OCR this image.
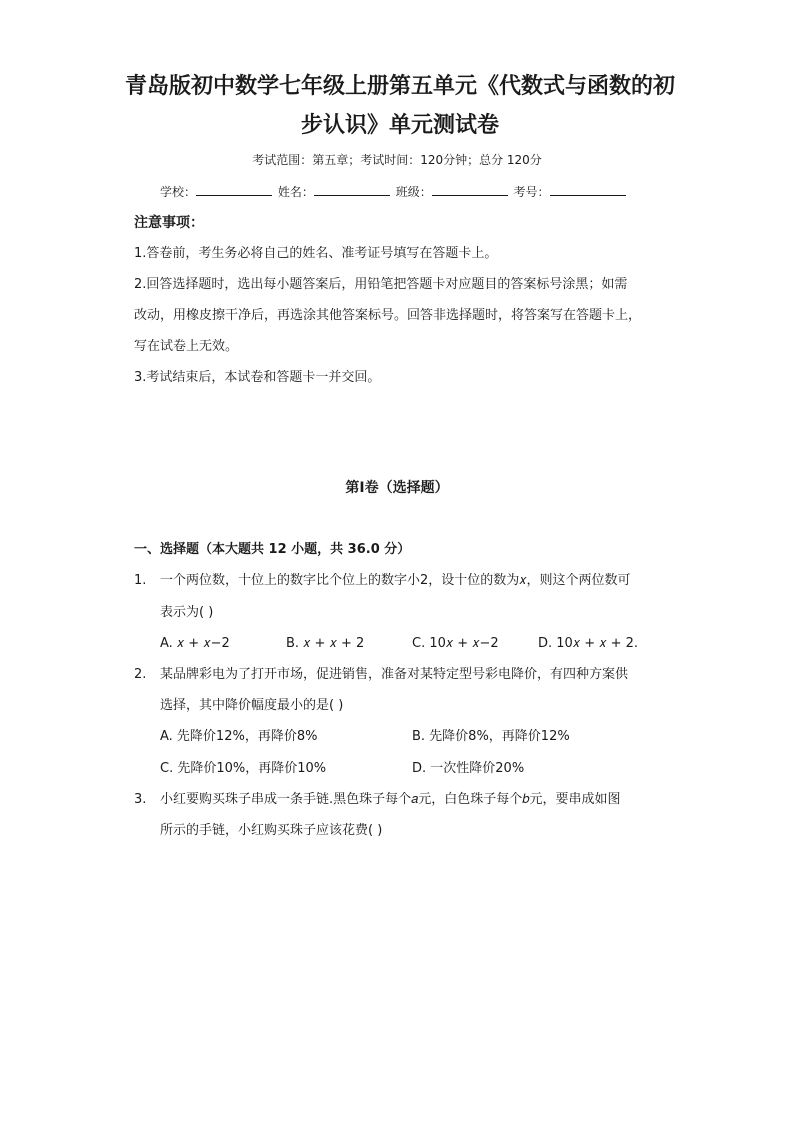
青岛版初中数学七年级上册第五单元《代数式与函数的初
步认识》单元测试卷
考试范围：第五章；考试时间：120分钟；总分 120分
学校：	姓名：	班级：	考号：
注意事项：
1.答卷前，考生务必将自己的姓名、准考证号填写在答题卡上。
2.回答选择题时，选出每小题答案后，用铅笔把答题卡对应题目的答案标号涂黑；如需
改动，用橡皮擦干净后，再选涂其他答案标号。回答非选择题时，将答案写在答题卡上，
写在试卷上无效。
3.考试结束后，本试卷和答题卡一并交回。
第Ⅰ卷（选择题）
一、选择题（本大题共 12 小题，共 36.0 分）
1. 一个两位数，十位上的数字比个位上的数字小2，设十位的数为𝑥，则这个两位数可
表示为( )
A. 𝑥 + 𝑥−2	B. 𝑥 + 𝑥 + 2	C. 10𝑥 + 𝑥−2	D. 10𝑥 + 𝑥 + 2.
2. 某品牌彩电为了打开市场，促进销售，准备对某特定型号彩电降价，有四种方案供
选择，其中降价幅度最小的是( )
A. 先降价12%，再降价8%	B. 先降价8%，再降价12%
C. 先降价10%，再降价10%	D. 一次性降价20%
3. 小红要购买珠子串成一条手链.黑色珠子每个𝑎元，白色珠子每个𝑏元，要串成如图
所示的手链，小红购买珠子应该花费( )
